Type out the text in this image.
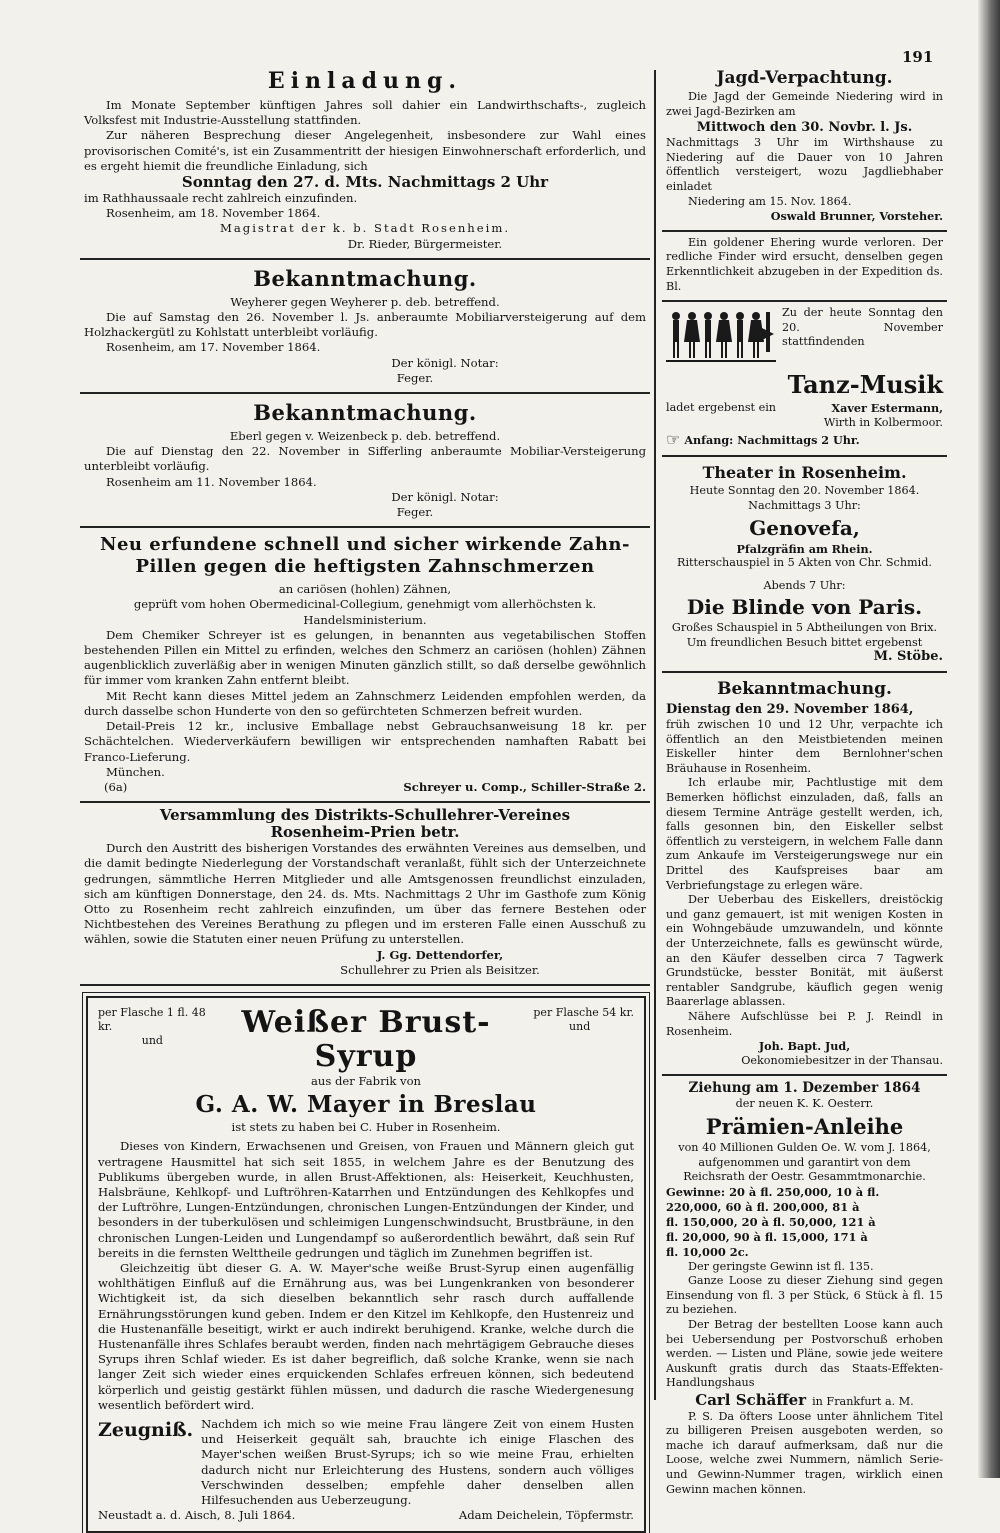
191
Einladung.

Im Monate September künftigen Jahres soll dahier ein Landwirthschafts-, zugleich Volksfest mit Industrie-Ausstellung stattfinden.

Zur näheren Besprechung dieser Angelegenheit, insbesondere zur Wahl eines provisorischen Comité's, ist ein Zusammentritt der hiesigen Einwohnerschaft erforderlich, und es ergeht hiemit die freundliche Einladung, sich

Sonntag den 27. d. Mts. Nachmittags 2 Uhr

im Rathhaussaale recht zahlreich einzufinden.

Rosenheim, am 18. November 1864.

Magistrat der k. b. Stadt Rosenheim.

Dr. Rieder, Bürgermeister.

Bekanntmachung.

Weyherer gegen Weyherer p. deb. betreffend.

Die auf Samstag den 26. November l. Js. anberaumte Mobiliarversteigerung auf dem Holzhackergütl zu Kohlstatt unterbleibt vorläufig.

Rosenheim, am 17. November 1864.

Der königl. Notar:

Feger.

Bekanntmachung.

Eberl gegen v. Weizenbeck p. deb. betreffend.

Die auf Dienstag den 22. November in Sifferling anberaumte Mobiliar-Versteigerung unterbleibt vorläufig.

Rosenheim am 11. November 1864.

Der königl. Notar:

Feger.

Neu erfundene schnell und sicher wirkende Zahn-Pillen gegen die heftigsten Zahnschmerzen

an cariösen (hohlen) Zähnen,

geprüft vom hohen Obermedicinal-Collegium, genehmigt vom allerhöchsten k. Handelsministerium.

Dem Chemiker Schreyer ist es gelungen, in benannten aus vegetabilischen Stoffen bestehenden Pillen ein Mittel zu erfinden, welches den Schmerz an cariösen (hohlen) Zähnen augenblicklich zuverläßig aber in wenigen Minuten gänzlich stillt, so daß derselbe gewöhnlich für immer vom kranken Zahn entfernt bleibt.

Mit Recht kann dieses Mittel jedem an Zahnschmerz Leidenden empfohlen werden, da durch dasselbe schon Hunderte von den so gefürchteten Schmerzen befreit wurden.

Detail-Preis 12 kr., inclusive Emballage nebst Gebrauchsanweisung 18 kr. per Schächtelchen. Wiederverkäufern bewilligen wir entsprechenden namhaften Rabatt bei Franco-Lieferung.

München.

(6a)	Schreyer u. Comp., Schiller-Straße 2.

Versammlung des Distrikts-Schullehrer-Vereines
Rosenheim-Prien betr.

Durch den Austritt des bisherigen Vorstandes des erwähnten Vereines aus demselben, und die damit bedingte Niederlegung der Vorstandschaft veranlaßt, fühlt sich der Unterzeichnete gedrungen, sämmtliche Herren Mitglieder und alle Amtsgenossen freundlichst einzuladen, sich am künftigen Donnerstage, den 24. ds. Mts. Nachmittags 2 Uhr im Gasthofe zum König Otto zu Rosenheim recht zahlreich einzufinden, um über das fernere Bestehen oder Nichtbestehen des Vereines Berathung zu pflegen und im ersteren Falle einen Ausschuß zu wählen, sowie die Statuten einer neuen Prüfung zu unterstellen.

J. Gg. Dettendorfer,

Schullehrer zu Prien als Beisitzer.

per Flasche 1 fl. 48 kr.
und
Weißer Brust-Syrup
per Flasche 54 kr.
und

aus der Fabrik von

G. A. W. Mayer in Breslau

ist stets zu haben bei C. Huber in Rosenheim.

Dieses von Kindern, Erwachsenen und Greisen, von Frauen und Männern gleich gut vertragene Hausmittel hat sich seit 1855, in welchem Jahre es der Benutzung des Publikums übergeben wurde, in allen Brust-Affektionen, als: Heiserkeit, Keuchhusten, Halsbräune, Kehlkopf- und Luftröhren-Katarrhen und Entzündungen des Kehlkopfes und der Luftröhre, Lungen-Entzündungen, chronischen Lungen-Entzündungen der Kinder, und besonders in der tuberkulösen und schleimigen Lungenschwindsucht, Brustbräune, in den chronischen Lungen-Leiden und Lungendampf so außerordentlich bewährt, daß sein Ruf bereits in die fernsten Welttheile gedrungen und täglich im Zunehmen begriffen ist.

Gleichzeitig übt dieser G. A. W. Mayer'sche weiße Brust-Syrup einen augenfällig wohlthätigen Einfluß auf die Ernährung aus, was bei Lungenkranken von besonderer Wichtigkeit ist, da sich dieselben bekanntlich sehr rasch durch auffallende Ernährungsstörungen kund geben. Indem er den Kitzel im Kehlkopfe, den Hustenreiz und die Hustenanfälle beseitigt, wirkt er auch indirekt beruhigend. Kranke, welche durch die Hustenanfälle ihres Schlafes beraubt werden, finden nach mehrtägigem Gebrauche dieses Syrups ihren Schlaf wieder. Es ist daher begreiflich, daß solche Kranke, wenn sie nach langer Zeit sich wieder eines erquickenden Schlafes erfreuen können, sich bedeutend körperlich und geistig gestärkt fühlen müssen, und dadurch die rasche Wiedergenesung wesentlich befördert wird.

Zeugniß. Nachdem ich mich so wie meine Frau längere Zeit von einem Husten und Heiserkeit gequält sah, brauchte ich einige Flaschen des Mayer'schen weißen Brust-Syrups; ich so wie meine Frau, erhielten dadurch nicht nur Erleichterung des Hustens, sondern auch völliges Verschwinden desselben; empfehle daher denselben allen Hilfesuchenden aus Ueberzeugung.

Neustadt a. d. Aisch, 8. Juli 1864.	Adam Deichelein, Töpfermstr.

Jagd-Verpachtung.

Die Jagd der Gemeinde Niedering wird in zwei Jagd-Bezirken am

Mittwoch den 30. Novbr. l. Js.

Nachmittags 3 Uhr im Wirthshause zu Niedering auf die Dauer von 10 Jahren öffentlich versteigert, wozu Jagdliebhaber einladet

Niedering am 15. Nov. 1864.

Oswald Brunner, Vorsteher.

Ein goldener Ehering wurde verloren. Der redliche Finder wird ersucht, denselben gegen Erkenntlichkeit abzugeben in der Expedition ds. Bl.

Zu der heute Sonntag den 20. November stattfindenden

Tanz-Musik

ladet ergebenst ein	Xaver Estermann,

Wirth in Kolbermoor.

☞ Anfang: Nachmittags 2 Uhr.

Theater in Rosenheim.

Heute Sonntag den 20. November 1864.

Nachmittags 3 Uhr:

Genovefa,

Pfalzgräfin am Rhein.

Ritterschauspiel in 5 Akten von Chr. Schmid.

Abends 7 Uhr:

Die Blinde von Paris.

Großes Schauspiel in 5 Abtheilungen von Brix.

Um freundlichen Besuch bittet ergebenst

M. Stöbe.

Bekanntmachung.
Dienstag den 29. November 1864,

früh zwischen 10 und 12 Uhr, verpachte ich öffentlich an den Meistbietenden meinen Eiskeller hinter dem Bernlohner'schen Bräuhause in Rosenheim.

Ich erlaube mir, Pachtlustige mit dem Bemerken höflichst einzuladen, daß, falls an diesem Termine Anträge gestellt werden, ich, falls gesonnen bin, den Eiskeller selbst öffentlich zu versteigern, in welchem Falle dann zum Ankaufe im Versteigerungswege nur ein Drittel des Kaufspreises baar am Verbriefungstage zu erlegen wäre.

Der Ueberbau des Eiskellers, dreistöckig und ganz gemauert, ist mit wenigen Kosten in ein Wohngebäude umzuwandeln, und könnte der Unterzeichnete, falls es gewünscht würde, an den Käufer desselben circa 7 Tagwerk Grundstücke, besster Bonität, mit äußerst rentabler Sandgrube, käuflich gegen wenig Baarerlage ablassen.

Nähere Aufschlüsse bei P. J. Reindl in Rosenheim.

Joh. Bapt. Jud,

Oekonomiebesitzer in der Thansau.

Ziehung am 1. Dezember 1864

der neuen K. K. Oesterr.

Prämien-Anleihe

von 40 Millionen Gulden Oe. W. vom J. 1864, aufgenommen und garantirt von dem Reichsrath der Oestr. Gesammtmonarchie.

Gewinne: 20 à fl. 250,000, 10 à fl.
220,000, 60 à fl. 200,000, 81 à
fl. 150,000, 20 à fl. 50,000, 121 à
fl. 20,000, 90 à fl. 15,000, 171 à
fl. 10,000 2c.

Der geringste Gewinn ist fl. 135.

Ganze Loose zu dieser Ziehung sind gegen Einsendung von fl. 3 per Stück, 6 Stück à fl. 15 zu beziehen.

Der Betrag der bestellten Loose kann auch bei Uebersendung per Postvorschuß erhoben werden. — Listen und Pläne, sowie jede weitere Auskunft gratis durch das Staats-Effekten-Handlungshaus

Carl Schäffer in Frankfurt a. M.

P. S. Da öfters Loose unter ähnlichem Titel zu billigeren Preisen ausgeboten werden, so mache ich darauf aufmerksam, daß nur die Loose, welche zwei Nummern, nämlich Serie- und Gewinn-Nummer tragen, wirklich einen Gewinn machen können.
